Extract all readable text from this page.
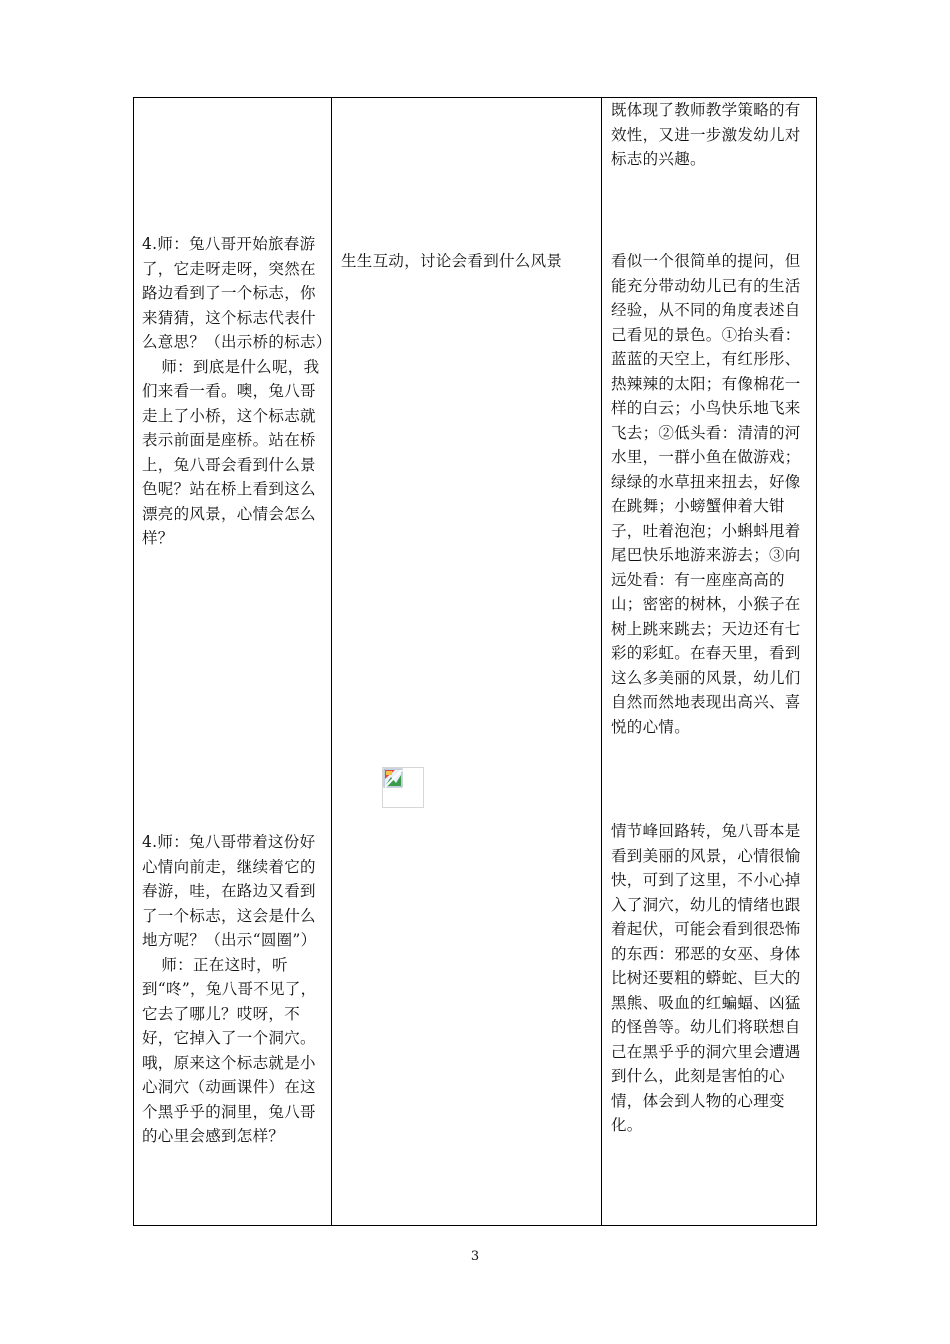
既体现了教师教学策略的有效性，又进一步激发幼儿对标志的兴趣。

4.师：兔八哥开始旅春游了，它走呀走呀，突然在路边看到了一个标志，你来猜猜，这个标志代表什么意思？（出示桥的标志）

师：到底是什么呢，我们来看一看。噢，兔八哥走上了小桥，这个标志就表示前面是座桥。站在桥上，兔八哥会看到什么景色呢？站在桥上看到这么漂亮的风景，心情会怎么样？

生生互动，讨论会看到什么风景	看似一个很简单的提问，但能充分带动幼儿已有的生活经验，从不同的角度表述自己看见的景色。①抬头看：蓝蓝的天空上，有红彤彤、热辣辣的太阳；有像棉花一样的白云；小鸟快乐地飞来飞去；②低头看：清清的河水里，一群小鱼在做游戏；绿绿的水草扭来扭去，好像在跳舞；小螃蟹伸着大钳子，吐着泡泡；小蝌蚪甩着尾巴快乐地游来游去；③向远处看：有一座座高高的山；密密的树林，小猴子在树上跳来跳去；天边还有七彩的彩虹。在春天里，看到这么多美丽的风景，幼儿们自然而然地表现出高兴、喜悦的心情。

4.师：兔八哥带着这份好心情向前走，继续着它的春游，哇，在路边又看到了一个标志，这会是什么地方呢？（出示“圆圈”）

师：正在这时，听到“咚”，兔八哥不见了，它去了哪儿？哎呀，不好，它掉入了一个洞穴。哦，原来这个标志就是小心洞穴（动画课件）在这个黑乎乎的洞里，兔八哥的心里会感到怎样？

情节峰回路转，兔八哥本是看到美丽的风景，心情很愉快，可到了这里，不小心掉入了洞穴，幼儿的情绪也跟着起伏，可能会看到很恐怖的东西：邪恶的女巫、身体比树还要粗的蟒蛇、巨大的黑熊、吸血的红蝙蝠、凶猛的怪兽等。幼儿们将联想自己在黑乎乎的洞穴里会遭遇到什么，此刻是害怕的心情，体会到人物的心理变化。

3
